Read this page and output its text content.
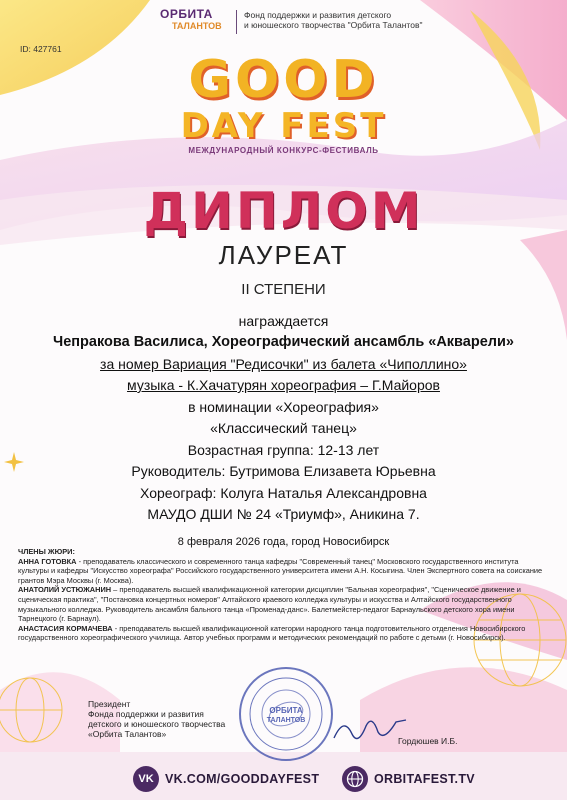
ОРБИТА
ТАЛАНТОВ
Фонд поддержки и развития детского
и юношеского творчества "Орбита Талантов"
ID: 427761
GOOD
DAY FEST
МЕЖДУНАРОДНЫЙ КОНКУРС-ФЕСТИВАЛЬ
ДИПЛОМ
ЛАУРЕАТ
II СТЕПЕНИ
награждается
Чепракова Василиса, Хореографический ансамбль «Акварели»
за номер Вариация "Редисочки" из балета «Чиполлино»
музыка - К.Хачатурян хореография – Г.Майоров
в номинации «Хореография»
«Классический танец»
Возрастная группа: 12-13 лет
Руководитель: Бутримова Елизавета Юрьевна
Хореограф: Колуга Наталья Александровна
МАУДО ДШИ № 24 «Триумф», Аникина 7.
8 февраля 2026 года, город Новосибирск

ЧЛЕНЫ ЖЮРИ:

АННА ГОТОВКА - преподаватель классического и современного танца кафедры "Современный танец" Московского государственного института культуры и кафедры "Искусство хореографа" Российского государственного университета имени А.Н. Косыгина. Член Экспертного совета на соискание грантов Мэра Москвы (г. Москва).

АНАТОЛИЙ УСТЮЖАНИН – преподаватель высшей квалификационной категории дисциплин "Бальная хореография", "Сценическое движение и сценическая практика", "Постановка концертных номеров" Алтайского краевого колледжа культуры и искусства и Алтайского государственного музыкального колледжа. Руководитель ансамбля бального танца «Променад-данс». Балетмейстер-педагог Барнаульского детского хора имени Тарнецкого (г. Барнаул).

АНАСТАСИЯ КОРМАЧЕВА - преподаватель высшей квалификационной категории народного танца подготовительного отделения Новосибирского государственного хореографического училища. Автор учебных программ и методических рекомендаций по работе с детьми (г. Новосибирск).

Президент
Фонда поддержки и развития
детского и юношеского творчества
«Орбита Талантов»
Гордюшев И.Б.
ОРБИТА
ТАЛАНТОВ
VK VK.COM/GOODDAYFEST	ORBITAFEST.TV
